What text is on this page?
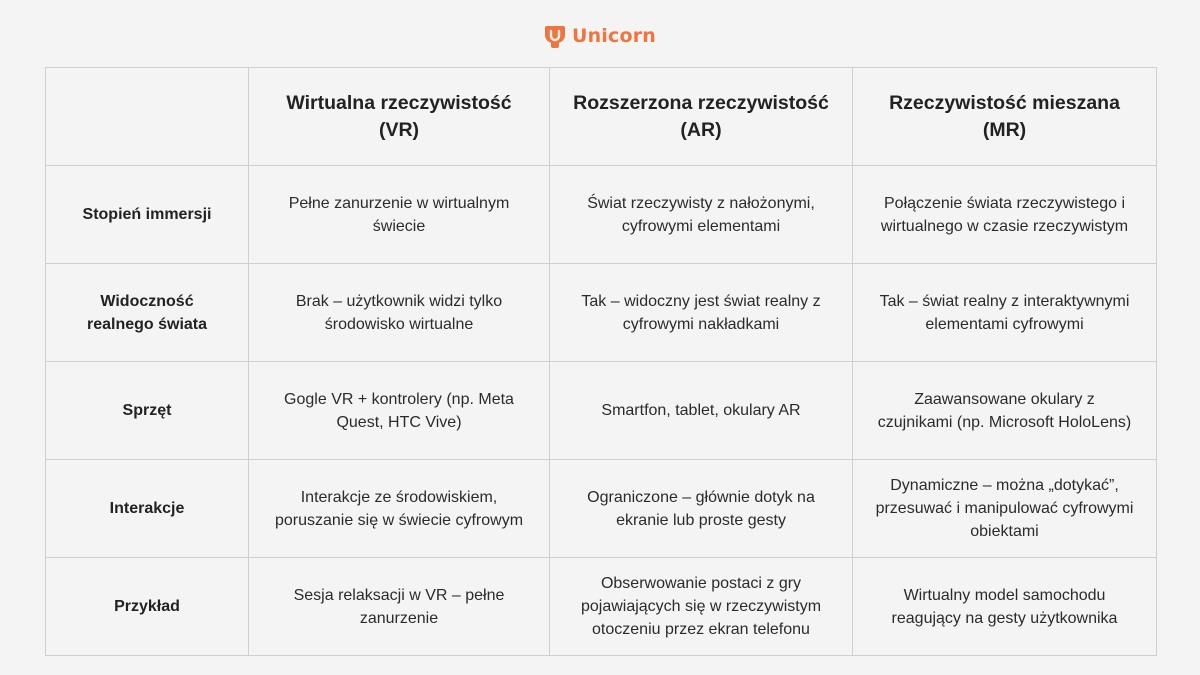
Unicorn
	Wirtualna rzeczywistość (VR)	Rozszerzona rzeczywistość (AR)	Rzeczywistość mieszana (MR)
Stopień immersji	Pełne zanurzenie w wirtualnym świecie	Świat rzeczywisty z nałożonymi, cyfrowymi elementami	Połączenie świata rzeczywistego i wirtualnego w czasie rzeczywistym
Widoczność realnego świata	Brak – użytkownik widzi tylko środowisko wirtualne	Tak – widoczny jest świat realny z cyfrowymi nakładkami	Tak – świat realny z interaktywnymi elementami cyfrowymi
Sprzęt	Gogle VR + kontrolery (np. Meta Quest, HTC Vive)	Smartfon, tablet, okulary AR	Zaawansowane okulary z czujnikami (np. Microsoft HoloLens)
Interakcje	Interakcje ze środowiskiem, poruszanie się w świecie cyfrowym	Ograniczone – głównie dotyk na ekranie lub proste gesty	Dynamiczne – można „dotykać”, przesuwać i manipulować cyfrowymi obiektami
Przykład	Sesja relaksacji w VR – pełne zanurzenie	Obserwowanie postaci z gry pojawiających się w rzeczywistym otoczeniu przez ekran telefonu	Wirtualny model samochodu reagujący na gesty użytkownika
